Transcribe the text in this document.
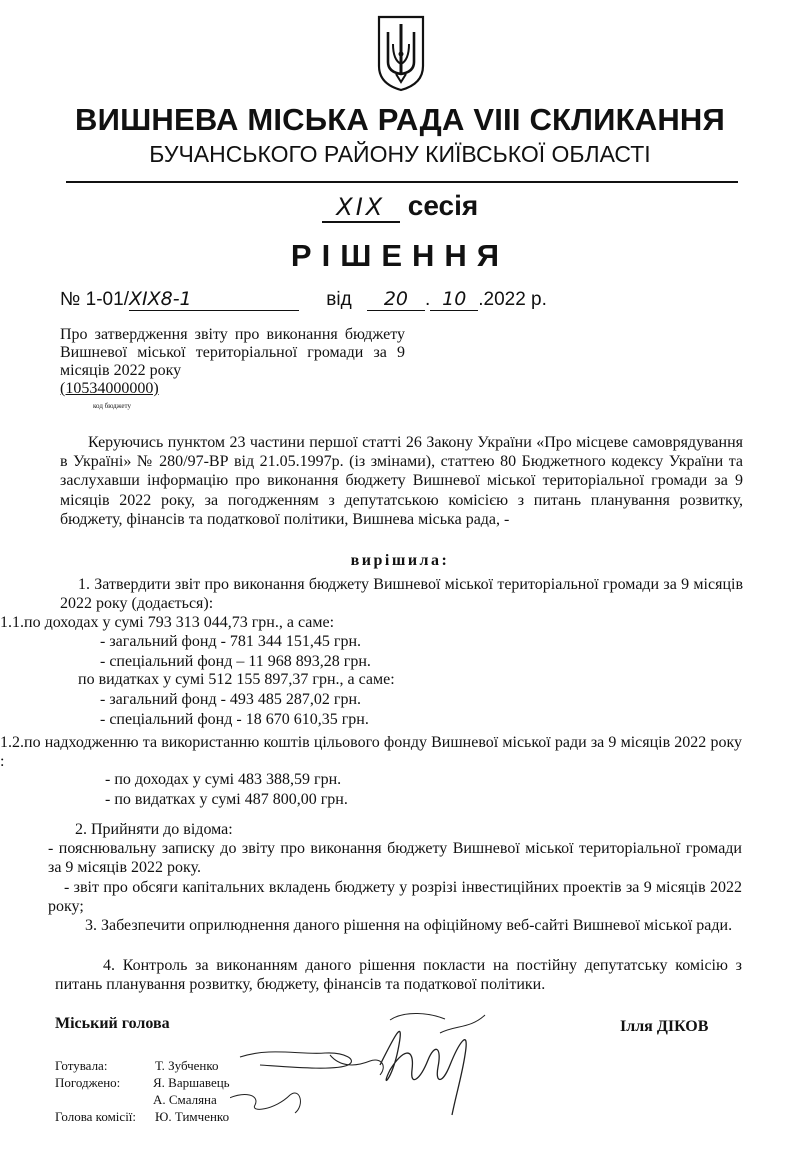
ВИШНЕВА МІСЬКА РАДА VIII СКЛИКАННЯ
БУЧАНСЬКОГО РАЙОНУ КИЇВСЬКОЇ ОБЛАСТІ
XIX сесія
РІШЕННЯ
№ 1-01/XIX8-1	від 20 . 10 .2022 р.
Про затвердження звіту про виконання бюджету Вишневої міської територіальної громади за 9 місяців 2022 року
(10534000000)
код бюджету
Керуючись пунктом 23 частини першої статті 26 Закону України «Про місцеве самоврядування в Україні» № 280/97-ВР від 21.05.1997р. (із змінами), статтею 80 Бюджетного кодексу України та заслухавши інформацію про виконання бюджету Вишневої міської територіальної громади за 9 місяців 2022 року, за погодженням з депутатською комісією з питань планування розвитку, бюджету, фінансів та податкової політики, Вишнева міська рада, -
вирішила:
1. Затвердити звіт про виконання бюджету Вишневої міської територіальної громади за 9 місяців 2022 року (додається):
1.1.по доходах у сумі 793 313 044,73 грн., а саме:
- загальний фонд - 781 344 151,45 грн.
- спеціальний фонд – 11 968 893,28 грн.
по видатках у сумі 512 155 897,37 грн., а саме:
- загальний фонд - 493 485 287,02 грн.
- спеціальний фонд - 18 670 610,35 грн.
1.2.по надходженню та використанню коштів цільового фонду Вишневої міської ради за 9 місяців 2022 року :
- по доходах у сумі 483 388,59 грн.
- по видатках у сумі 487 800,00 грн.
2. Прийняти до відома:
- пояснювальну записку до звіту про виконання бюджету Вишневої міської територіальної громади за 9 місяців 2022 року.
- звіт про обсяги капітальних вкладень бюджету у розрізі інвестиційних проектів за 9 місяців 2022 року;
3. Забезпечити оприлюднення даного рішення на офіційному веб-сайті Вишневої міської ради.
4. Контроль за виконанням даного рішення покласти на постійну депутатську комісію з питань планування розвитку, бюджету, фінансів та податкової політики.
Міський голова	Ілля ДІКОВ
Готувала:	Т. Зубченко
Погоджено:	Я. Варшавець
А. Смаляна
Голова комісії: Ю. Тимченко
